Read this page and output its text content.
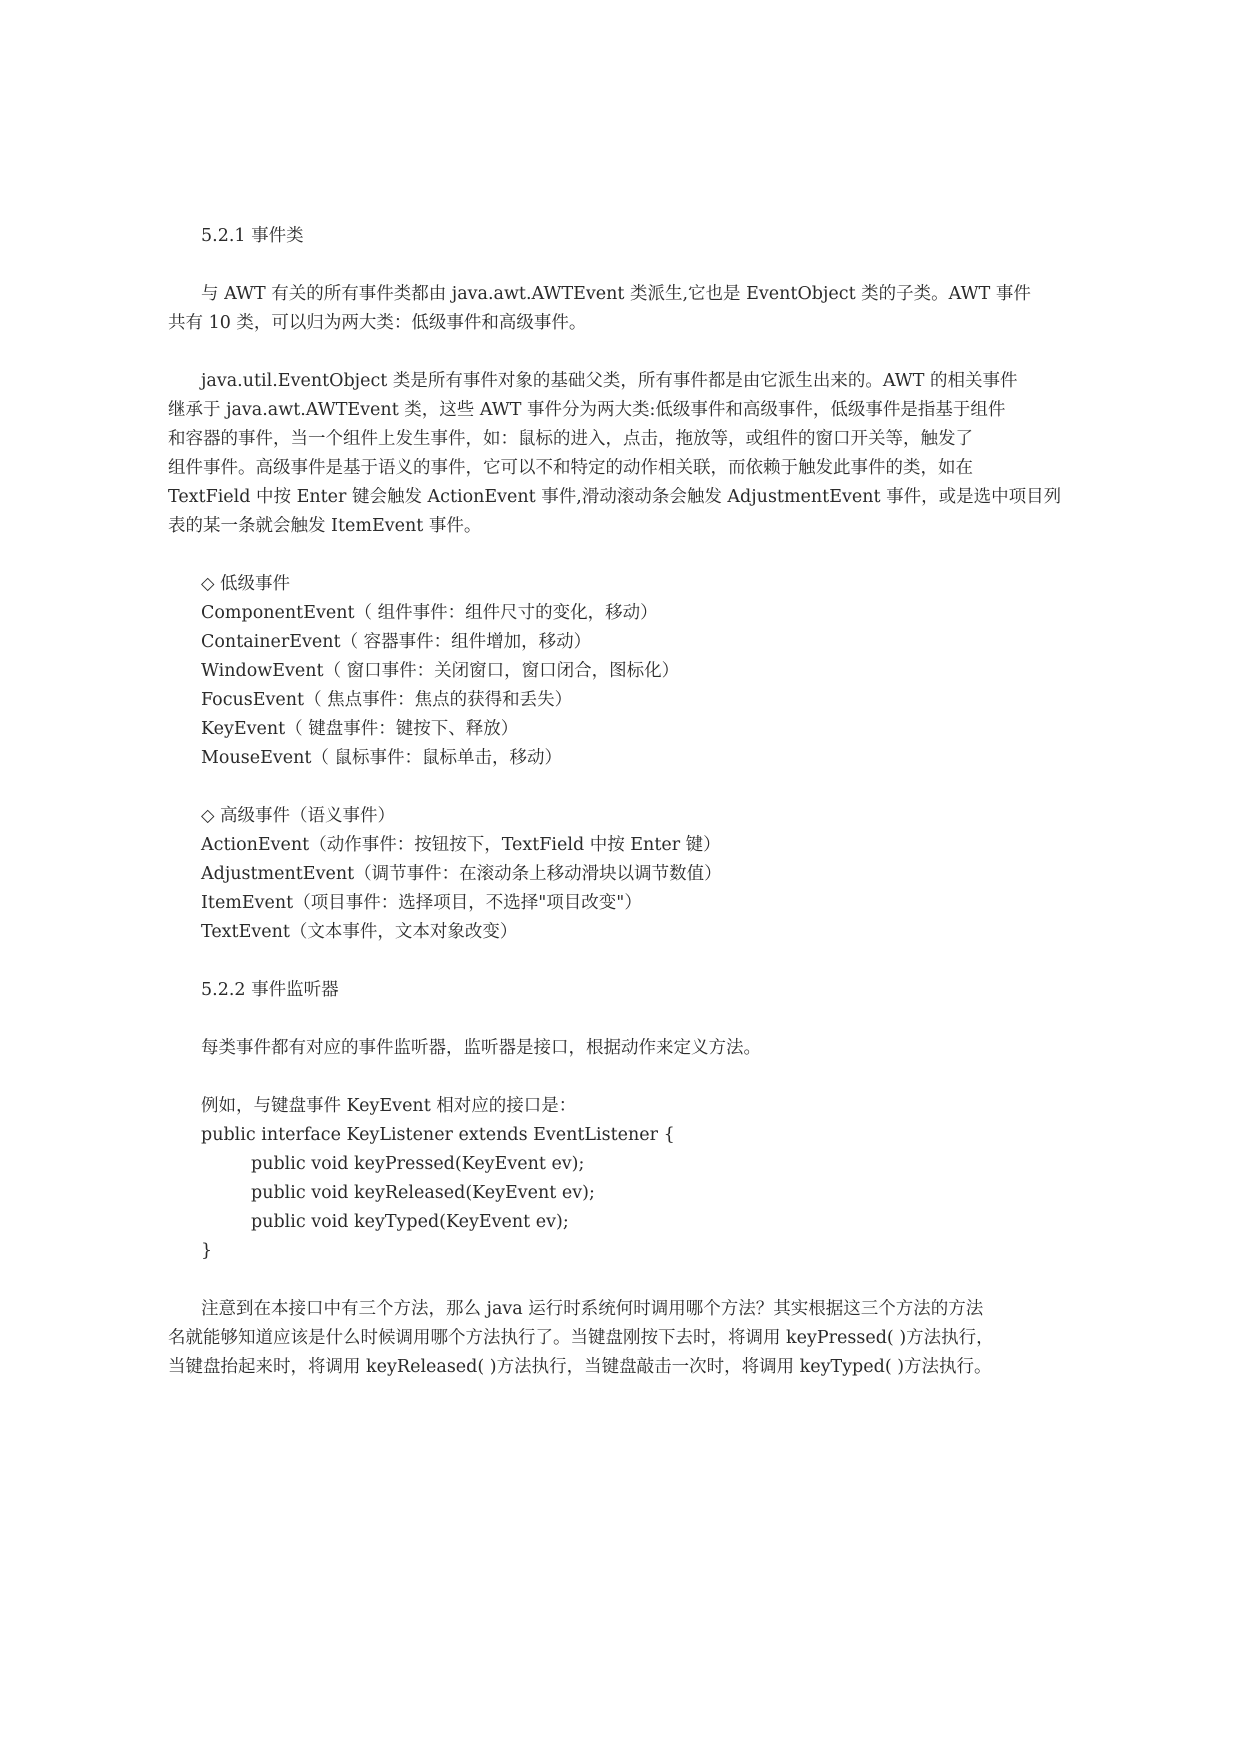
5.2.1 事件类
与 AWT 有关的所有事件类都由 java.awt.AWTEvent 类派生,它也是 EventObject 类的子类。AWT 事件
共有 10 类，可以归为两大类：低级事件和高级事件。
java.util.EventObject 类是所有事件对象的基础父类，所有事件都是由它派生出来的。AWT 的相关事件
继承于 java.awt.AWTEvent 类，这些 AWT 事件分为两大类:低级事件和高级事件，低级事件是指基于组件
和容器的事件，当一个组件上发生事件，如：鼠标的进入，点击，拖放等，或组件的窗口开关等，触发了
组件事件。高级事件是基于语义的事件，它可以不和特定的动作相关联，而依赖于触发此事件的类，如在
TextField 中按 Enter 键会触发 ActionEvent 事件,滑动滚动条会触发 AdjustmentEvent 事件，或是选中项目列
表的某一条就会触发 ItemEvent 事件。
◇ 低级事件
ComponentEvent（ 组件事件：组件尺寸的变化，移动）
ContainerEvent（ 容器事件：组件增加，移动）
WindowEvent（ 窗口事件：关闭窗口，窗口闭合，图标化）
FocusEvent（ 焦点事件：焦点的获得和丢失）
KeyEvent（ 键盘事件：键按下、释放）
MouseEvent（ 鼠标事件：鼠标单击，移动）
◇ 高级事件（语义事件）
ActionEvent（动作事件：按钮按下，TextField 中按 Enter 键）
AdjustmentEvent（调节事件：在滚动条上移动滑块以调节数值）
ItemEvent（项目事件：选择项目，不选择"项目改变"）
TextEvent（文本事件，文本对象改变）
5.2.2 事件监听器
每类事件都有对应的事件监听器，监听器是接口，根据动作来定义方法。
例如，与键盘事件 KeyEvent 相对应的接口是：
public interface KeyListener extends EventListener {
public void keyPressed(KeyEvent ev);
public void keyReleased(KeyEvent ev);
public void keyTyped(KeyEvent ev);
}
注意到在本接口中有三个方法，那么 java 运行时系统何时调用哪个方法？其实根据这三个方法的方法
名就能够知道应该是什么时候调用哪个方法执行了。当键盘刚按下去时，将调用 keyPressed( )方法执行，
当键盘抬起来时，将调用 keyReleased( )方法执行，当键盘敲击一次时，将调用 keyTyped( )方法执行。
